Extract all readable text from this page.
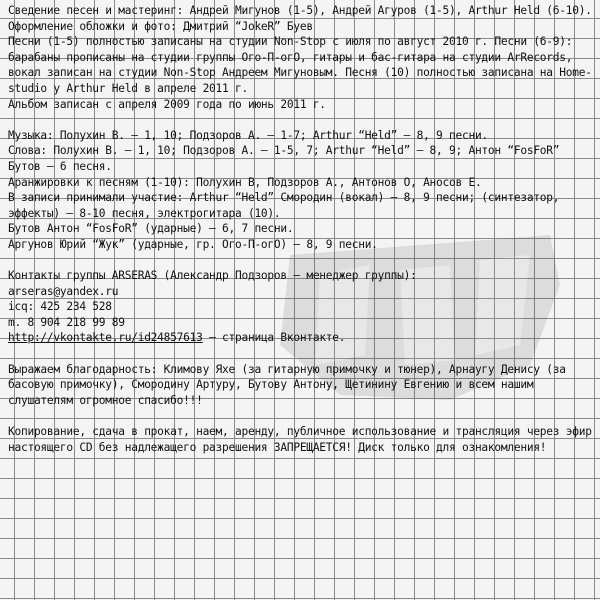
Сведение песен и мастеринг: Андрей Мигунов (1-5), Андрей Агуров (1-5), Arthur Held (6-10).

Оформление обложки и фото: Дмитрий “JokeR” Буев

Песни (1-5) полностью записаны на студии Non-Stop с июля по август 2010 г. Песни (6-9): барабаны прописаны на студии группы Ого-П-огО, гитары и бас-гитара на студии ArRecords, вокал записан на студии Non-Stop Андреем Мигуновым. Песня (10) полностью записана на Home-studio у Arthur Held в апреле 2011 г.

Альбом записан с апреля 2009 года по июнь 2011 г.

Музыка: Полухин В. – 1, 10; Подзоров А. – 1-7; Arthur “Held” – 8, 9 песни.

Слова: Полухин В. – 1, 10; Подзоров А. – 1-5, 7; Arthur “Held” – 8, 9; Антон “FosFoR” Бутов – 6 песня.

Аранжировки к песням (1-10): Полухин В, Подзоров А., Антонов О, Аносов Е.

В записи принимали участие: Arthur “Held” Смородин (вокал) – 8, 9 песни; (синтезатор, эффекты) – 8-10 песня, электрогитара (10).

Бутов Антон “FosFoR” (ударные) – 6, 7 песни.

Аргунов Юрий “Жук” (ударные, гр. Ого-П-огО) – 8, 9 песни.

Контакты группы ARSERAS (Александр Подзоров – менеджер группы):

arseras@yandex.ru

icq: 425 234 528

m. 8 904 218 99 89

http://vkontakte.ru/id24857613 – страница Вконтакте.

Выражаем благодарность: Климову Яхе (за гитарную примочку и тюнер), Арнаугу Денису (за басовую примочку), Смородину Артуру, Бутову Антону, Щетинину Евгению и всем нашим слушателям огромное спасибо!!!

Копирование, сдача в прокат, наем, аренду, публичное использование и трансляция через эфир настоящего CD без надлежащего разрешения ЗАПРЕЩАЕТСЯ! Диск только для ознакомления!
